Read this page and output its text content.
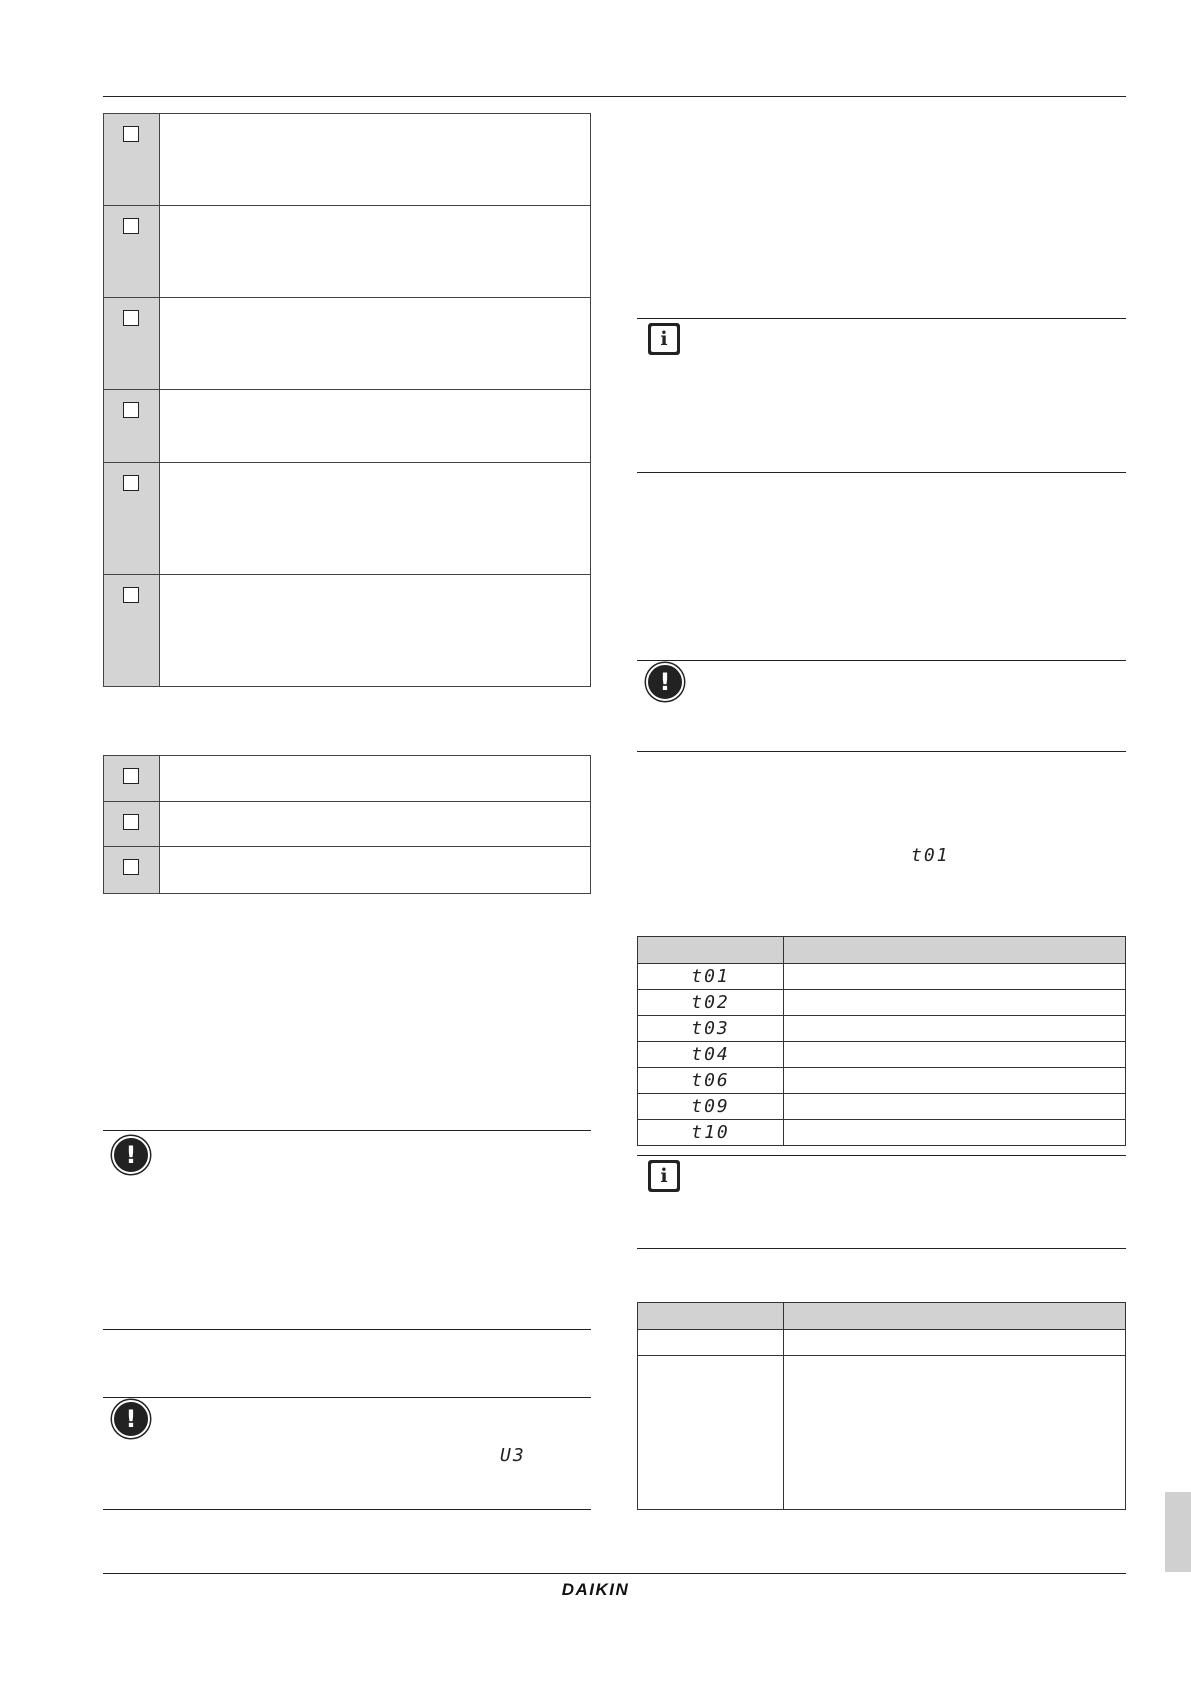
!
!
U3
i
!
t01

t01	
t02	
t03	
t04	
t06	
t09	
t10	
i

DAIKIN
